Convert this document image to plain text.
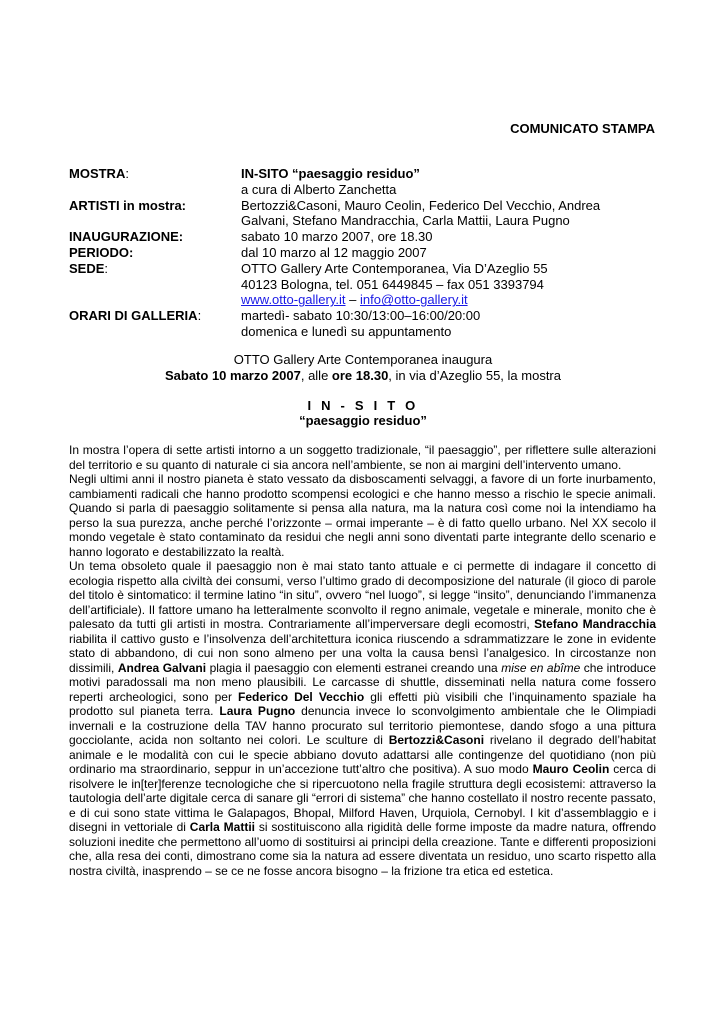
COMUNICATO STAMPA
MOSTRA:	IN-SITO “paesaggio residuo”
a cura di Alberto Zanchetta
ARTISTI in mostra:	Bertozzi&Casoni, Mauro Ceolin, Federico Del Vecchio, Andrea
Galvani, Stefano Mandracchia, Carla Mattii, Laura Pugno
INAUGURAZIONE:	sabato 10 marzo 2007, ore 18.30
PERIODO:	dal 10 marzo al 12 maggio 2007
SEDE:	OTTO Gallery Arte Contemporanea, Via D’Azeglio 55
40123 Bologna, tel. 051 6449845 – fax 051 3393794
www.otto-gallery.it – info@otto-gallery.it
ORARI DI GALLERIA:	martedì- sabato 10:30/13:00–16:00/20:00
domenica e lunedì su appuntamento
OTTO Gallery Arte Contemporanea inaugura
Sabato 10 marzo 2007, alle ore 18.30, in via d’Azeglio 55, la mostra
I N - S I T O
“paesaggio residuo”

In mostra l’opera di sette artisti intorno a un soggetto tradizionale, “il paesaggio”, per riflettere sulle alterazioni del territorio e su quanto di naturale ci sia ancora nell’ambiente, se non ai margini dell’intervento umano.

Negli ultimi anni il nostro pianeta è stato vessato da disboscamenti selvaggi, a favore di un forte inurbamento, cambiamenti radicali che hanno prodotto scompensi ecologici e che hanno messo a rischio le specie animali. Quando si parla di paesaggio solitamente si pensa alla natura, ma la natura così come noi la intendiamo ha perso la sua purezza, anche perché l’orizzonte – ormai imperante – è di fatto quello urbano. Nel XX secolo il mondo vegetale è stato contaminato da residui che negli anni sono diventati parte integrante dello scenario e hanno logorato e destabilizzato la realtà.

Un tema obsoleto quale il paesaggio non è mai stato tanto attuale e ci permette di indagare il concetto di ecologia rispetto alla civiltà dei consumi, verso l’ultimo grado di decomposizione del naturale (il gioco di parole del titolo è sintomatico: il termine latino “in situ”, ovvero “nel luogo”, si legge “insito”, denunciando l’immanenza dell’artificiale). Il fattore umano ha letteralmente sconvolto il regno animale, vegetale e minerale, monito che è palesato da tutti gli artisti in mostra. Contrariamente all’imperversare degli ecomostri, Stefano Mandracchia riabilita il cattivo gusto e l’insolvenza dell’architettura iconica riuscendo a sdrammatizzare le zone in evidente stato di abbandono, di cui non sono almeno per una volta la causa bensì l’analgesico. In circostanze non dissimili, Andrea Galvani plagia il paesaggio con elementi estranei creando una mise en abîme che introduce motivi paradossali ma non meno plausibili. Le carcasse di shuttle, disseminati nella natura come fossero reperti archeologici, sono per Federico Del Vecchio gli effetti più visibili che l’inquinamento spaziale ha prodotto sul pianeta terra. Laura Pugno denuncia invece lo sconvolgimento ambientale che le Olimpiadi invernali e la costruzione della TAV hanno procurato sul territorio piemontese, dando sfogo a una pittura gocciolante, acida non soltanto nei colori. Le sculture di Bertozzi&Casoni rivelano il degrado dell’habitat animale e le modalità con cui le specie abbiano dovuto adattarsi alle contingenze del quotidiano (non più ordinario ma straordinario, seppur in un’accezione tutt’altro che positiva). A suo modo Mauro Ceolin cerca di risolvere le in[ter]ferenze tecnologiche che si ripercuotono nella fragile struttura degli ecosistemi: attraverso la tautologia dell’arte digitale cerca di sanare gli “errori di sistema” che hanno costellato il nostro recente passato, e di cui sono state vittima le Galapagos, Bhopal, Milford Haven, Urquiola, Cernobyl. I kit d’assemblaggio e i disegni in vettoriale di Carla Mattii si sostituiscono alla rigidità delle forme imposte da madre natura, offrendo soluzioni inedite che permettono all’uomo di sostituirsi ai principi della creazione. Tante e differenti proposizioni che, alla resa dei conti, dimostrano come sia la natura ad essere diventata un residuo, uno scarto rispetto alla nostra civiltà, inasprendo – se ce ne fosse ancora bisogno – la frizione tra etica ed estetica.
